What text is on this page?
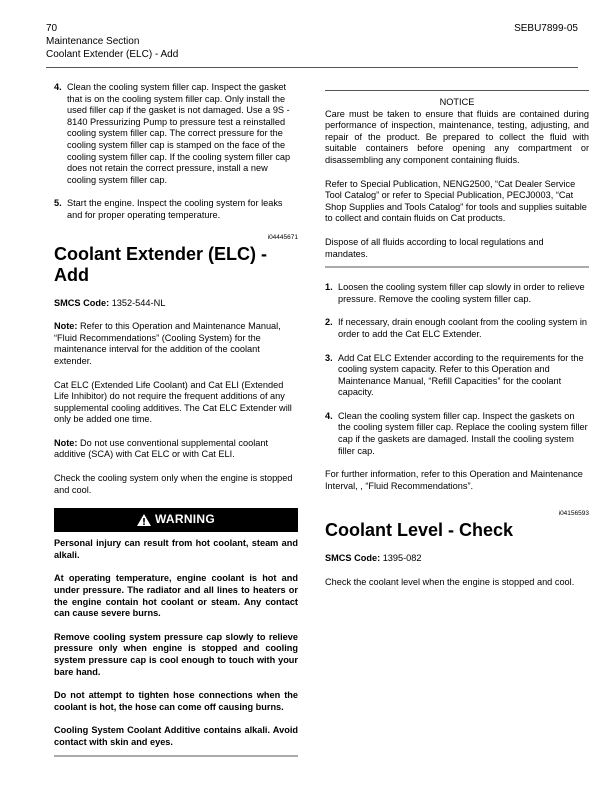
70
Maintenance Section
Coolant Extender (ELC) - Add
SEBU7899-05
4. Clean the cooling system filler cap. Inspect the gasket that is on the cooling system filler cap. Only install the used filler cap if the gasket is not damaged. Use a 9S - 8140 Pressurizing Pump to pressure test a reinstalled cooling system filler cap. The correct pressure for the cooling system filler cap is stamped on the face of the cooling system filler cap. If the cooling system filler cap does not retain the correct pressure, install a new cooling system filler cap.
5. Start the engine. Inspect the cooling system for leaks and for proper operating temperature.
i04445671
Coolant Extender (ELC) - Add

SMCS Code: 1352-544-NL

Note: Refer to this Operation and Maintenance Manual, “Fluid Recommendations” (Cooling System) for the maintenance interval for the addition of the coolant extender.

Cat ELC (Extended Life Coolant) and Cat ELI (Extended Life Inhibitor) do not require the frequent additions of any supplemental cooling additives. The Cat ELC Extender will only be added one time.

Note: Do not use conventional supplemental coolant additive (SCA) with Cat ELC or with Cat ELI.

Check the cooling system only when the engine is stopped and cool.

WARNING

Personal injury can result from hot coolant, steam and alkali.

At operating temperature, engine coolant is hot and under pressure. The radiator and all lines to heaters or the engine contain hot coolant or steam. Any contact can cause severe burns.

Remove cooling system pressure cap slowly to relieve pressure only when engine is stopped and cooling system pressure cap is cool enough to touch with your bare hand.

Do not attempt to tighten hose connections when the coolant is hot, the hose can come off causing burns.

Cooling System Coolant Additive contains alkali. Avoid contact with skin and eyes.

NOTICE

Care must be taken to ensure that fluids are contained during performance of inspection, maintenance, testing, adjusting, and repair of the product. Be prepared to collect the fluid with suitable containers before opening any compartment or disassembling any component containing fluids.

Refer to Special Publication, NENG2500, “Cat Dealer Service Tool Catalog” or refer to Special Publication, PECJ0003, “Cat Shop Supplies and Tools Catalog” for tools and supplies suitable to collect and contain fluids on Cat products.

Dispose of all fluids according to local regulations and mandates.

1. Loosen the cooling system filler cap slowly in order to relieve pressure. Remove the cooling system filler cap.
2. If necessary, drain enough coolant from the cooling system in order to add the Cat ELC Extender.
3. Add Cat ELC Extender according to the requirements for the cooling system capacity. Refer to this Operation and Maintenance Manual, “Refill Capacities” for the coolant capacity.
4. Clean the cooling system filler cap. Inspect the gaskets on the cooling system filler cap. Replace the cooling system filler cap if the gaskets are damaged. Install the cooling system filler cap.

For further information, refer to this Operation and Maintenance Interval, , “Fluid Recommendations”.

i04156593
Coolant Level - Check

SMCS Code: 1395-082

Check the coolant level when the engine is stopped and cool.
